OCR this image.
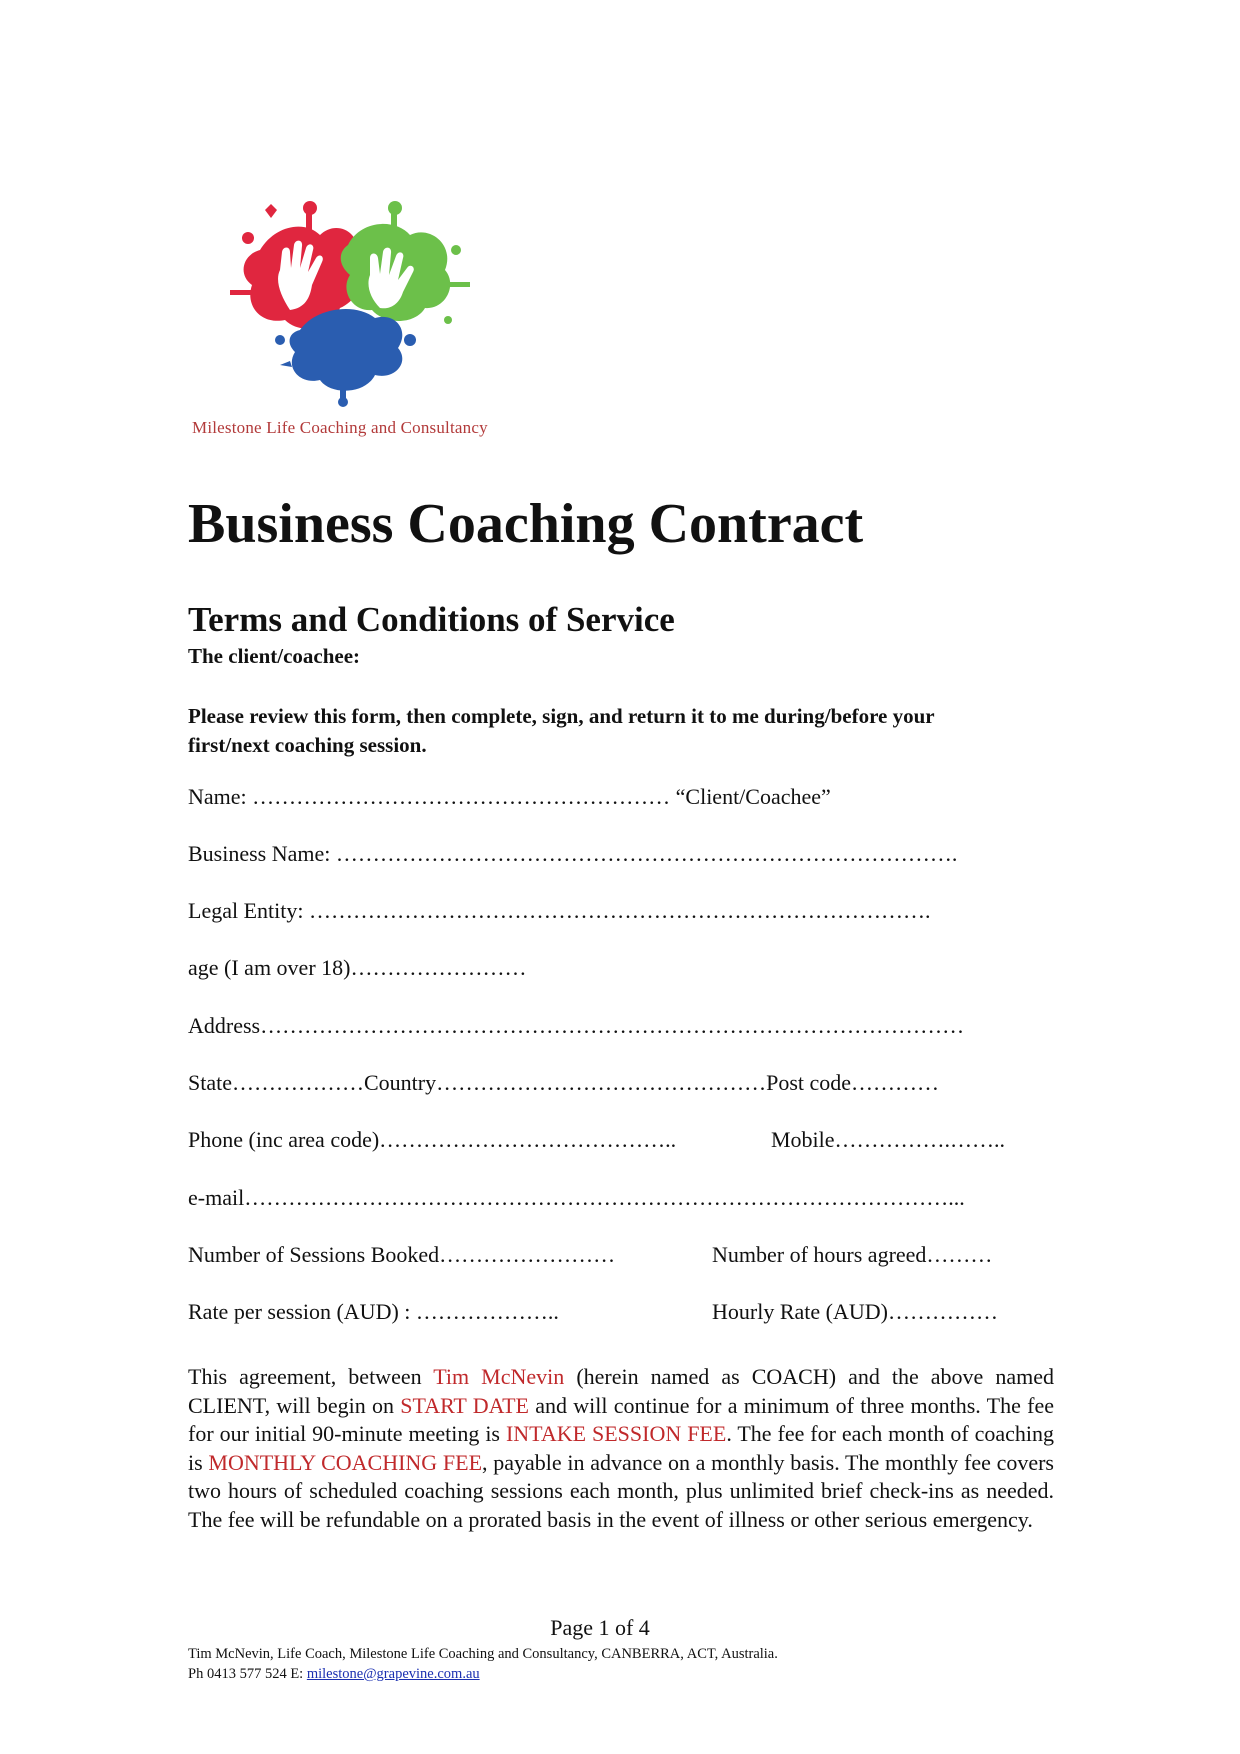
Milestone Life Coaching and Consultancy
Business Coaching Contract
Terms and Conditions of Service
The client/coachee:
Please review this form, then complete, sign, and return it to me during/before your first/next coaching session.
Name: ………………………………………………… “Client/Coachee”
Business Name: ………………………………………………………………………….
Legal Entity: ………………………………………………………………………….
age (I am over 18)……………………
Address……………………………………………………………………………………
State………………Country………………………………………Post code…………
Phone (inc area code)…………………………………..	Mobile…………….……..
e-mail……………………………………………………………………………………...
Number of Sessions Booked……………………	Number of hours agreed………
Rate per session (AUD) : ………………..	Hourly Rate (AUD)……………

This agreement, between Tim McNevin (herein named as COACH) and the above named CLIENT, will begin on START DATE and will continue for a minimum of three months. The fee for our initial 90-minute meeting is INTAKE SESSION FEE. The fee for each month of coaching is MONTHLY COACHING FEE, payable in advance on a monthly basis. The monthly fee covers two hours of scheduled coaching sessions each month, plus unlimited brief check-ins as needed. The fee will be refundable on a prorated basis in the event of illness or other serious emergency.

Page 1 of 4
Tim McNevin, Life Coach, Milestone Life Coaching and Consultancy, CANBERRA, ACT, Australia.
Ph 0413 577 524 E: milestone@grapevine.com.au
